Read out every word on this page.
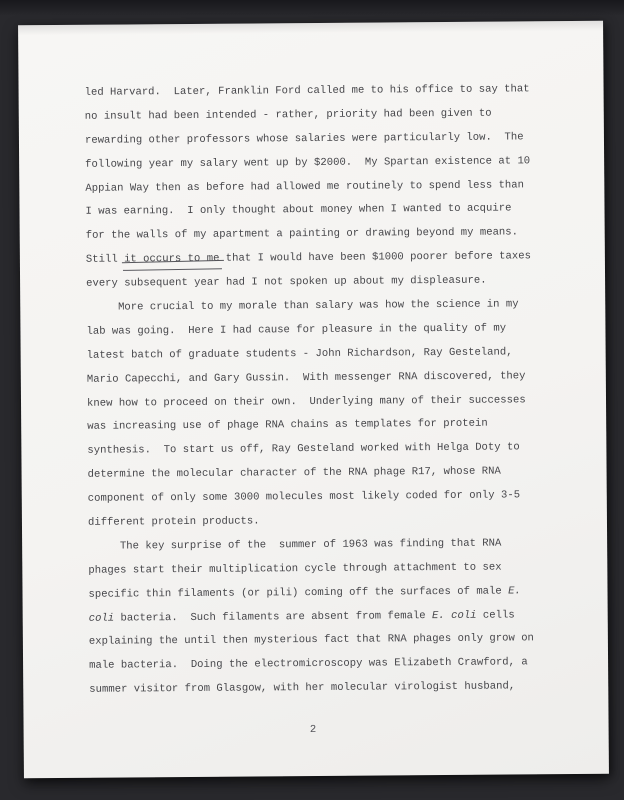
led Harvard.  Later, Franklin Ford called me to his office to say that
no insult had been intended - rather, priority had been given to
rewarding other professors whose salaries were particularly low.  The
following year my salary went up by $2000.  My Spartan existence at 10
Appian Way then as before had allowed me routinely to spend less than
I was earning.  I only thought about money when I wanted to acquire
for the walls of my apartment a painting or drawing beyond my means.
Still it occurs to me that I would have been $1000 poorer before taxes
every subsequent year had I not spoken up about my displeasure.
More crucial to my morale than salary was how the science in my
lab was going.  Here I had cause for pleasure in the quality of my
latest batch of graduate students - John Richardson, Ray Gesteland,
Mario Capecchi, and Gary Gussin.  With messenger RNA discovered, they
knew how to proceed on their own.  Underlying many of their successes
was increasing use of phage RNA chains as templates for protein
synthesis.  To start us off, Ray Gesteland worked with Helga Doty to
determine the molecular character of the RNA phage R17, whose RNA
component of only some 3000 molecules most likely coded for only 3-5
different protein products.
The key surprise of the  summer of 1963 was finding that RNA
phages start their multiplication cycle through attachment to sex
specific thin filaments (or pili) coming off the surfaces of male E.
coli bacteria.  Such filaments are absent from female E. coli cells
explaining the until then mysterious fact that RNA phages only grow on
male bacteria.  Doing the electromicroscopy was Elizabeth Crawford, a
summer visitor from Glasgow, with her molecular virologist husband,
2
